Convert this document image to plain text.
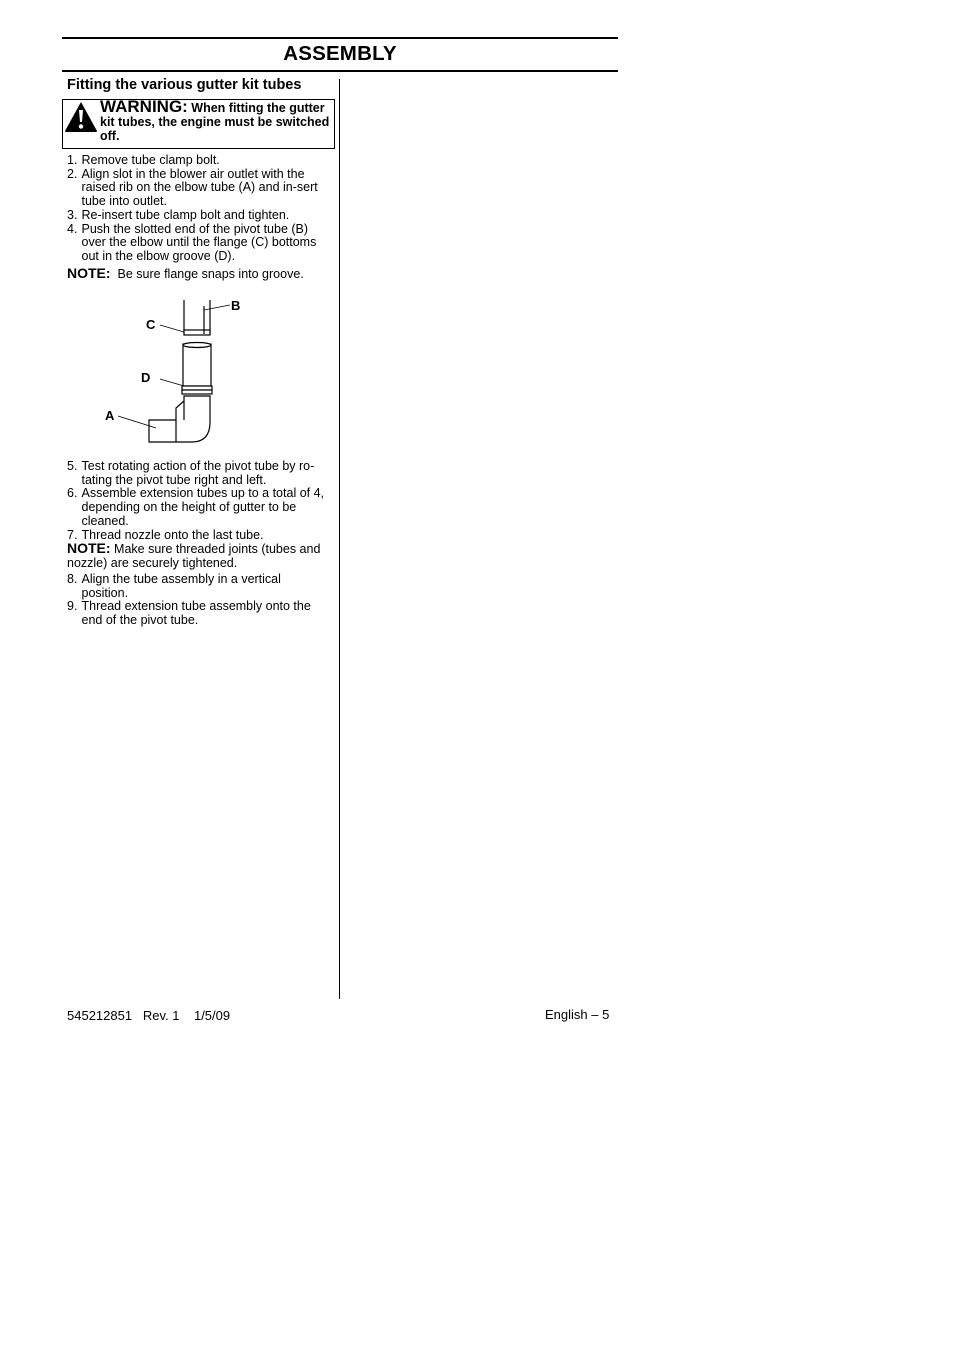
ASSEMBLY
Fitting the various gutter kit tubes
WARNING: When fitting the gutter kit tubes, the engine must be switched off.
1. Remove tube clamp bolt.
2. Align slot in the blower air outlet with the raised rib on the elbow tube (A) and in-sert tube into outlet.
3. Re‑insert tube clamp bolt and tighten.
4. Push the slotted end of the pivot tube (B) over the elbow until the flange (C) bottoms out in the elbow groove (D).
NOTE: Be sure flange snaps into groove.
B
C
D
A
5. Test rotating action of the pivot tube by ro-tating the pivot tube right and left.
6. Assemble extension tubes up to a total of 4, depending on the height of gutter to be cleaned.
7. Thread nozzle onto the last tube.
NOTE: Make sure threaded joints (tubes and nozzle) are securely tightened.
8. Align the tube assembly in a vertical position.
9. Thread extension tube assembly onto the end of the pivot tube.
545212851   Rev. 1    1/5/09	English – 5
